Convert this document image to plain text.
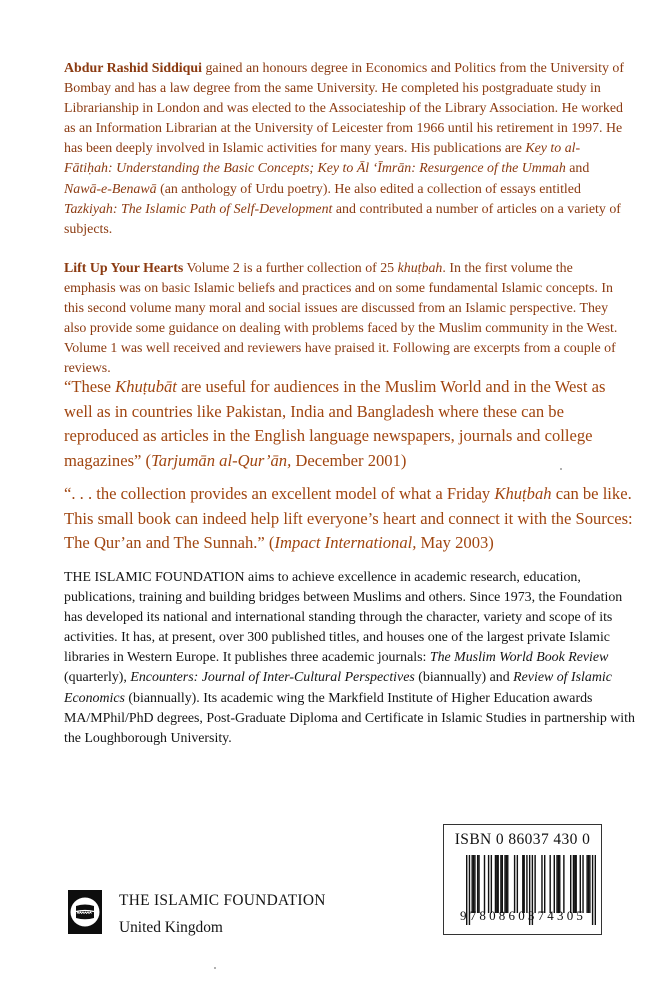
Abdur Rashid Siddiqui gained an honours degree in Economics and Politics from the University of Bombay and has a law degree from the same University. He completed his postgraduate study in Librarianship in London and was elected to the Associateship of the Library Association. He worked as an Information Librarian at the University of Leicester from 1966 until his retirement in 1997. He has been deeply involved in Islamic activities for many years. His publications are Key to al-Fātiḥah: Understanding the Basic Concepts; Key to Āl ‘Īmrān: Resurgence of the Ummah and Nawā-e-Benawā (an anthology of Urdu poetry). He also edited a collection of essays entitled Tazkiyah: The Islamic Path of Self-Development and contributed a number of articles on a variety of subjects.

Lift Up Your Hearts Volume 2 is a further collection of 25 khuṭbah. In the first volume the emphasis was on basic Islamic beliefs and practices and on some fundamental Islamic concepts. In this second volume many moral and social issues are discussed from an Islamic perspective. They also provide some guidance on dealing with problems faced by the Muslim community in the West. Volume 1 was well received and reviewers have praised it. Following are excerpts from a couple of reviews.

“These Khuṭubāt are useful for audiences in the Muslim World and in the West as well as in countries like Pakistan, India and Bangladesh where these can be reproduced as articles in the English language newspapers, journals and college magazines” (Tarjumān al-Qur’ān, December 2001)

“. . . the collection provides an excellent model of what a Friday Khuṭbah can be like. This small book can indeed help lift everyone’s heart and connect it with the Sources: The Qur’an and The Sunnah.” (Impact International, May 2003)

THE ISLAMIC FOUNDATION aims to achieve excellence in academic research, education, publications, training and building bridges between Muslims and others. Since 1973, the Foundation has developed its national and international standing through the character, variety and scope of its activities. It has, at present, over 300 published titles, and houses one of the largest private Islamic libraries in Western Europe. It publishes three academic journals: The Muslim World Book Review (quarterly), Encounters: Journal of Inter-Cultural Perspectives (biannually) and Review of Islamic Economics (biannually). Its academic wing the Markfield Institute of Higher Education awards MA/MPhil/PhD degrees, Post-Graduate Diploma and Certificate in Islamic Studies in partnership with the Loughborough University.

THE ISLAMIC FOUNDATION
United Kingdom
ISBN 0 86037 430 0
9780860374305
